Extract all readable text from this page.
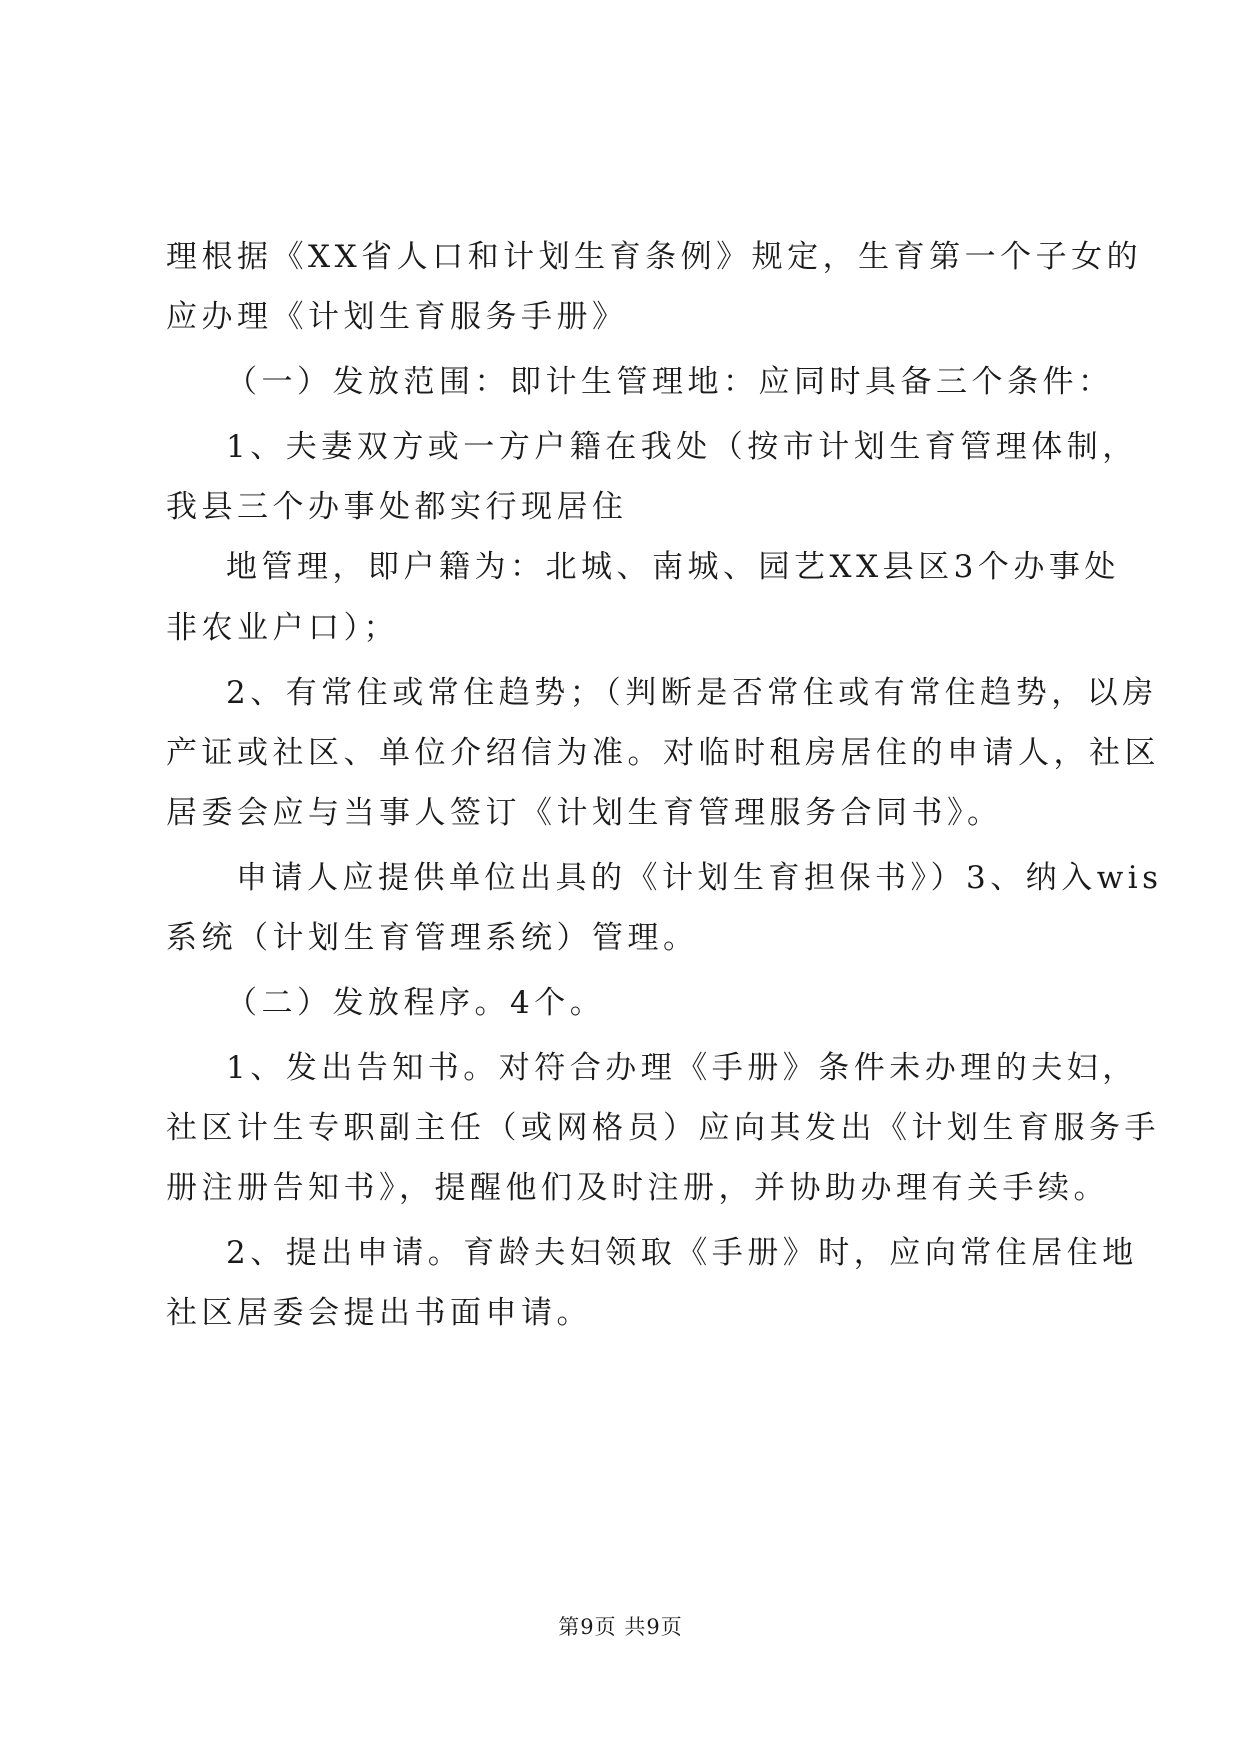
理根据《XX省人口和计划生育条例》规定，生育第一个子女的
应办理《计划生育服务手册》
（一）发放范围：即计生管理地：应同时具备三个条件：
1、夫妻双方或一方户籍在我处（按市计划生育管理体制，
我县三个办事处都实行现居住
地管理，即户籍为：北城、南城、园艺XX县区3个办事处
非农业户口）；
2、有常住或常住趋势；（判断是否常住或有常住趋势，以房
产证或社区、单位介绍信为准。对临时租房居住的申请人，社区
居委会应与当事人签订《计划生育管理服务合同书》。
申请人应提供单位出具的《计划生育担保书》）3、纳入wis
系统（计划生育管理系统）管理。
（二）发放程序。4个。
1、发出告知书。对符合办理《手册》条件未办理的夫妇，
社区计生专职副主任（或网格员）应向其发出《计划生育服务手
册注册告知书》，提醒他们及时注册，并协助办理有关手续。
2、提出申请。育龄夫妇领取《手册》时，应向常住居住地
社区居委会提出书面申请。
第9页 共9页
